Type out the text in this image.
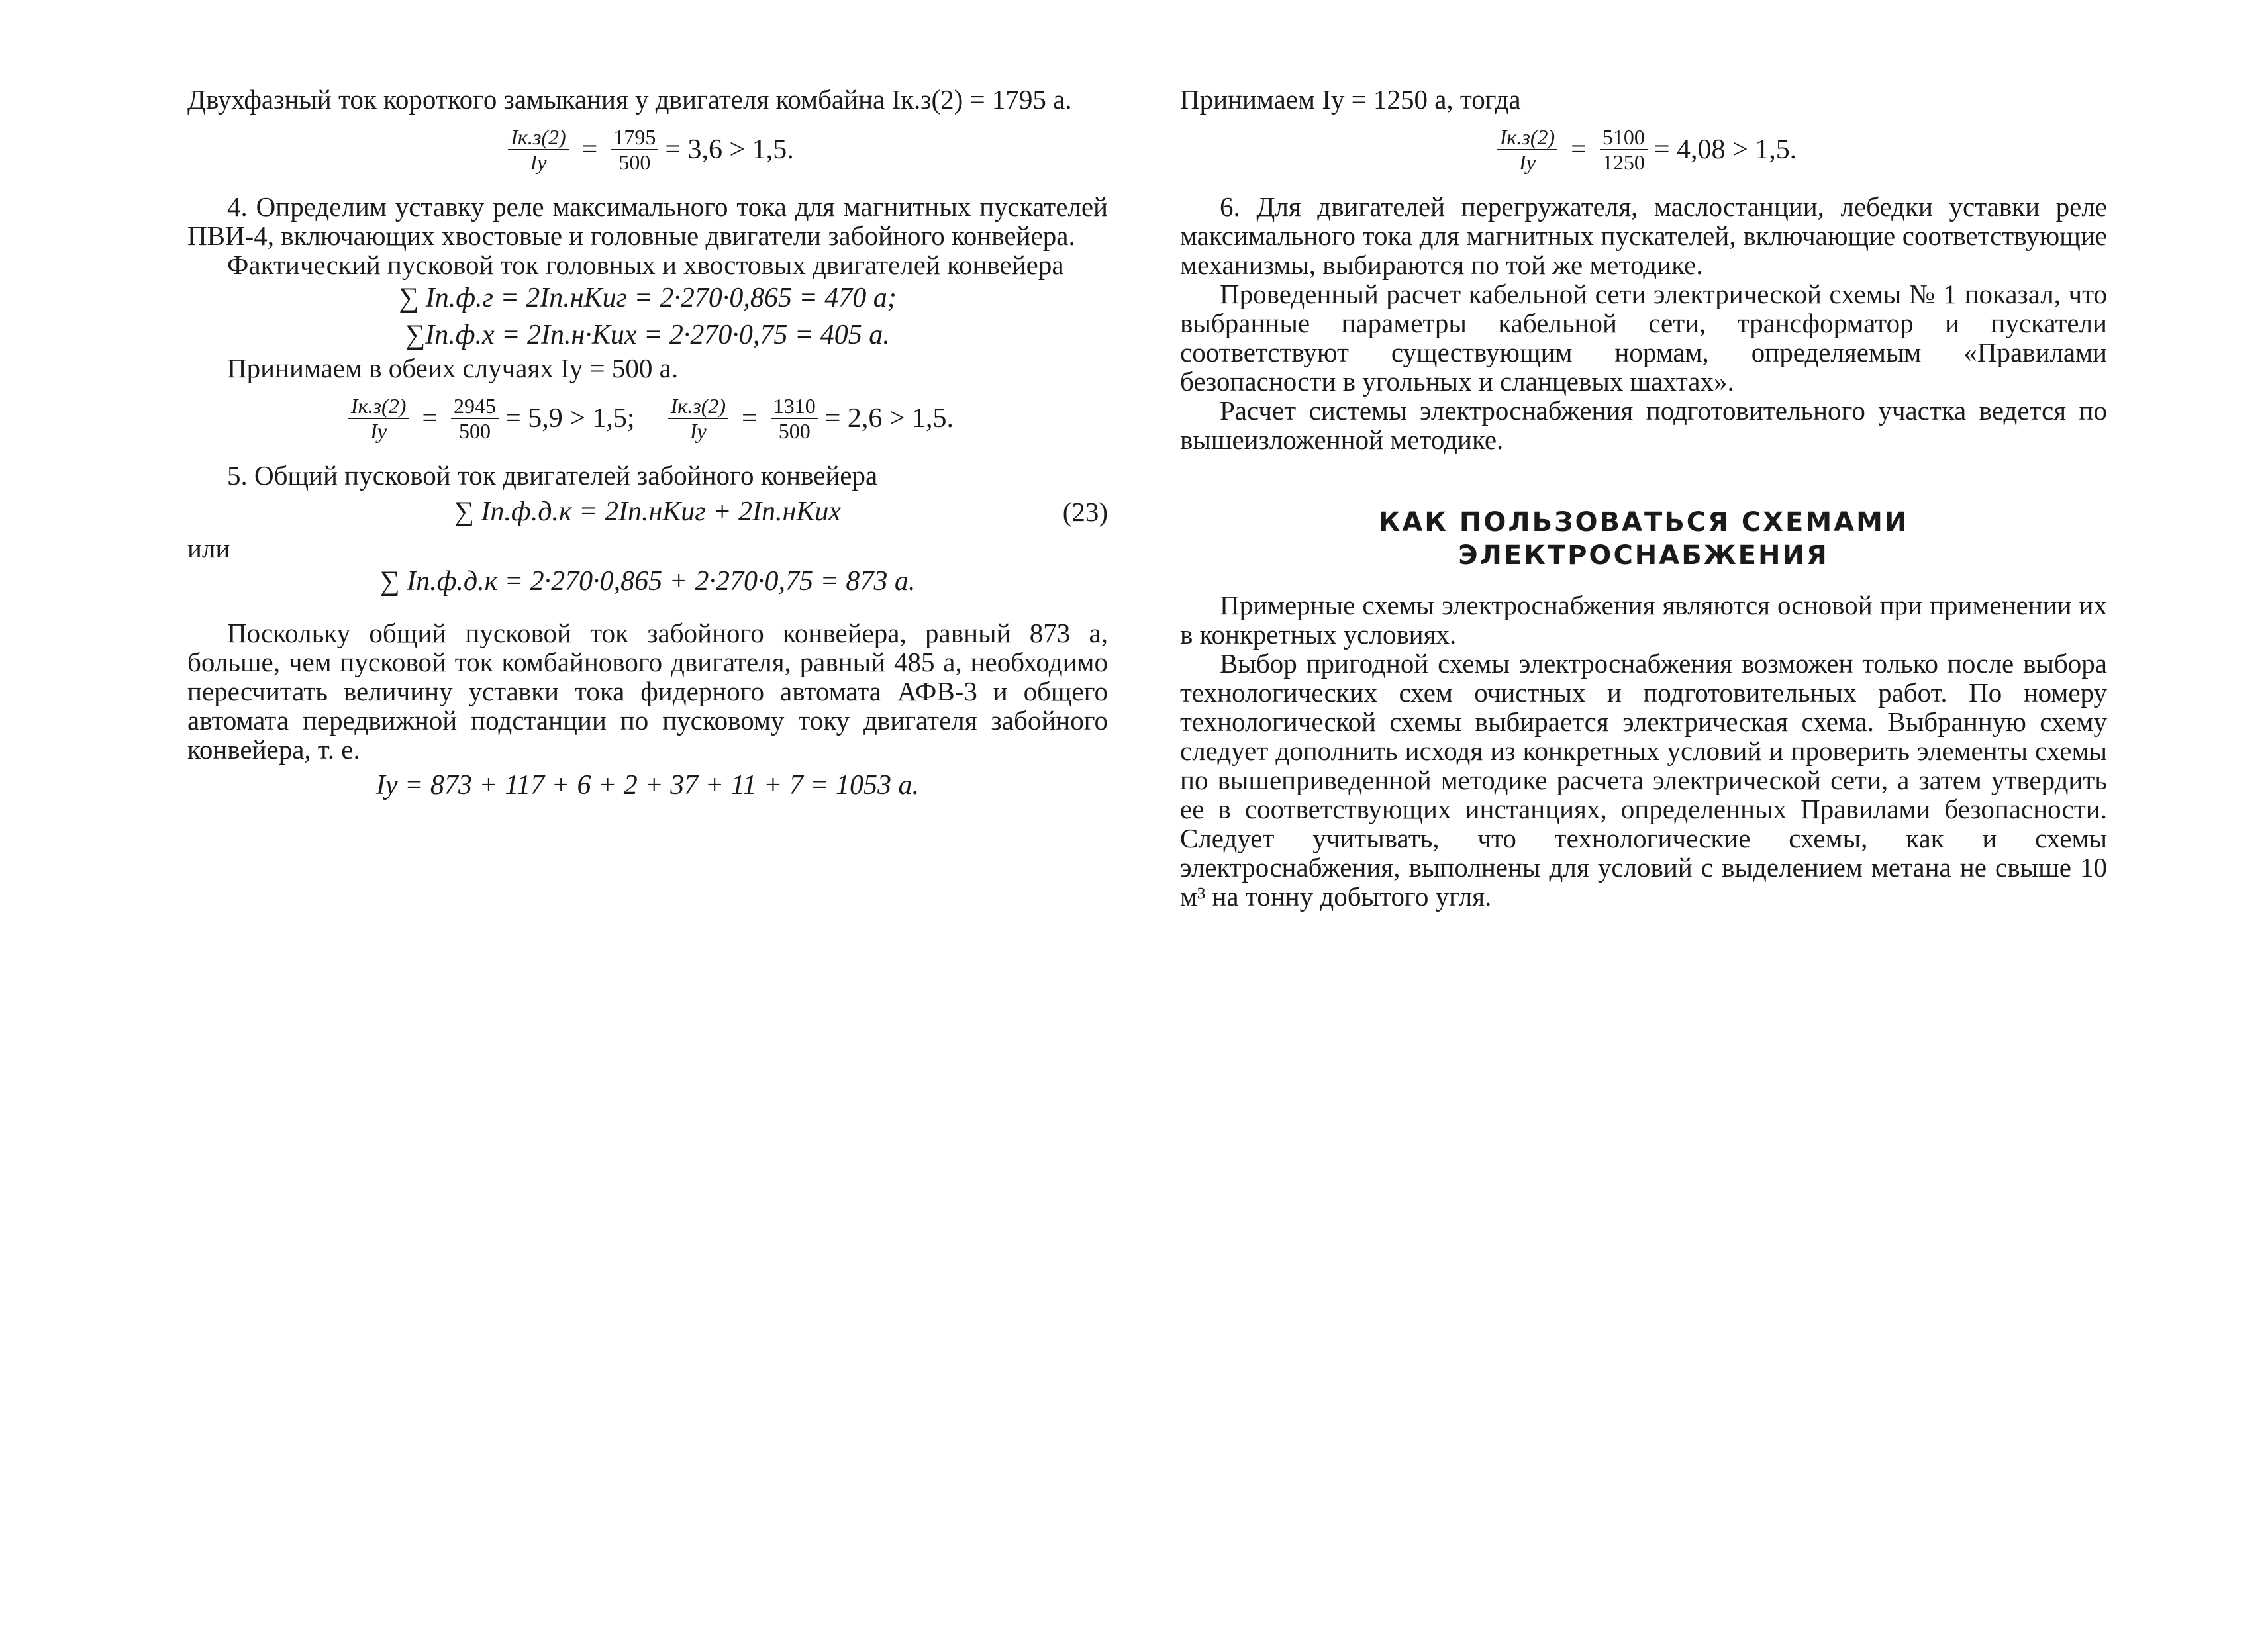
Двухфазный ток короткого замыкания у двигателя комбайна Iк.з(2) = 1795 a.

$\frac{Iк.з(2)}{Iу} = \frac{1795}{500} = 3,6 > 1,5$.

4. Определим уставку реле максимального тока для магнитных пускателей ПВИ-4, включающих хвостовые и головные двигатели забойного конвейера.

Фактический пусковой ток головных и хвостовых двигателей конвейера

∑ Iп.ф.г = 2Iп.нKиг = 2·270·0,865 = 470 a;
∑Iп.ф.х = 2Iп.н·Kих = 2·270·0,75 = 405 a.

Принимаем в обеих случаях Iу = 500 a.

$\frac{Iк.з(2)}{Iу} = \frac{2945}{500} = 5,9 > 1,5$; $\frac{Iк.з(2)}{Iу} = \frac{1310}{500} = 2,6 > 1,5$.

5. Общий пусковой ток двигателей забойного конвейера

∑ Iп.ф.д.к = 2Iп.нKиг + 2Iп.нKих	(23)

или

∑ Iп.ф.д.к = 2·270·0,865 + 2·270·0,75 = 873 a.

Поскольку общий пусковой ток забойного конвейера, равный 873 a, больше, чем пусковой ток комбайнового двигателя, равный 485 a, необходимо пересчитать величину уставки тока фидерного автомата АФВ-3 и общего автомата передвижной подстанции по пусковому току двигателя забойного конвейера, т. е.

Iу = 873 + 117 + 6 + 2 + 37 + 11 + 7 = 1053 a.

Принимаем Iу = 1250 a, тогда

$\frac{Iк.з(2)}{Iу} = \frac{5100}{1250} = 4,08 > 1,5$.

6. Для двигателей перегружателя, маслостанции, лебедки уставки реле максимального тока для магнитных пускателей, включающие соответствующие механизмы, выбираются по той же методике.

Проведенный расчет кабельной сети электрической схемы № 1 показал, что выбранные параметры кабельной сети, трансформатор и пускатели соответствуют существующим нормам, определяемым «Правилами безопасности в угольных и сланцевых шахтах».

Расчет системы электроснабжения подготовительного участка ведется по вышеизложенной методике.

КАК ПОЛЬЗОВАТЬСЯ СХЕМАМИ
ЭЛЕКТРОСНАБЖЕНИЯ

Примерные схемы электроснабжения являются основой при применении их в конкретных условиях.

Выбор пригодной схемы электроснабжения возможен только после выбора технологических схем очистных и подготовительных работ. По номеру технологической схемы выбирается электрическая схема. Выбранную схему следует дополнить исходя из конкретных условий и проверить элементы схемы по вышеприведенной методике расчета электрической сети, а затем утвердить ее в соответствующих инстанциях, определенных Правилами безопасности. Следует учитывать, что технологические схемы, как и схемы электроснабжения, выполнены для условий с выделением метана не свыше 10 м³ на тонну добытого угля.
